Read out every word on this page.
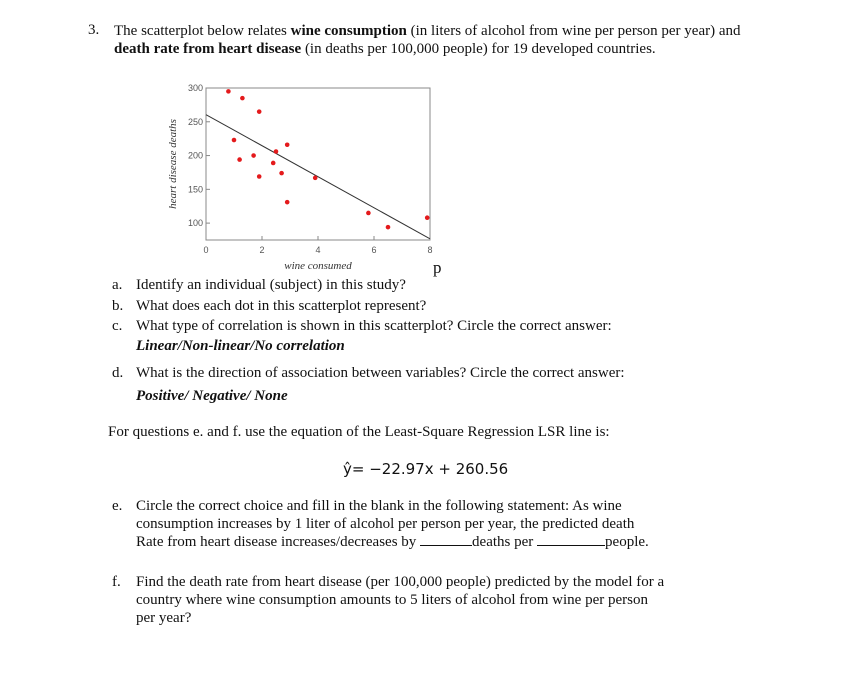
3. The scatterplot below relates wine consumption (in liters of alcohol from wine per person per year) and death rate from heart disease (in deaths per 100,000 people) for 19 developed countries.
0	2	4	6	8
100
150
200
250
300
wine consumed
heart disease deaths
p
a. Identify an individual (subject) in this study?
b. What does each dot in this scatterplot represent?
c. What type of correlation is shown in this scatterplot? Circle the correct answer:
Linear/Non-linear/No correlation
d. What is the direction of association between variables? Circle the correct answer:
Positive/ Negative/ None
For questions e. and f. use the equation of the Least-Square Regression LSR line is:
ŷ= −22.97x + 260.56
e. Circle the correct choice and fill in the blank in the following statement: As wine
consumption increases by 1 liter of alcohol per person per year, the predicted death
Rate from heart disease increases/decreases by	deaths per	people.
f. Find the death rate from heart disease (per 100,000 people) predicted by the model for a
country where wine consumption amounts to 5 liters of alcohol from wine per person
per year?
